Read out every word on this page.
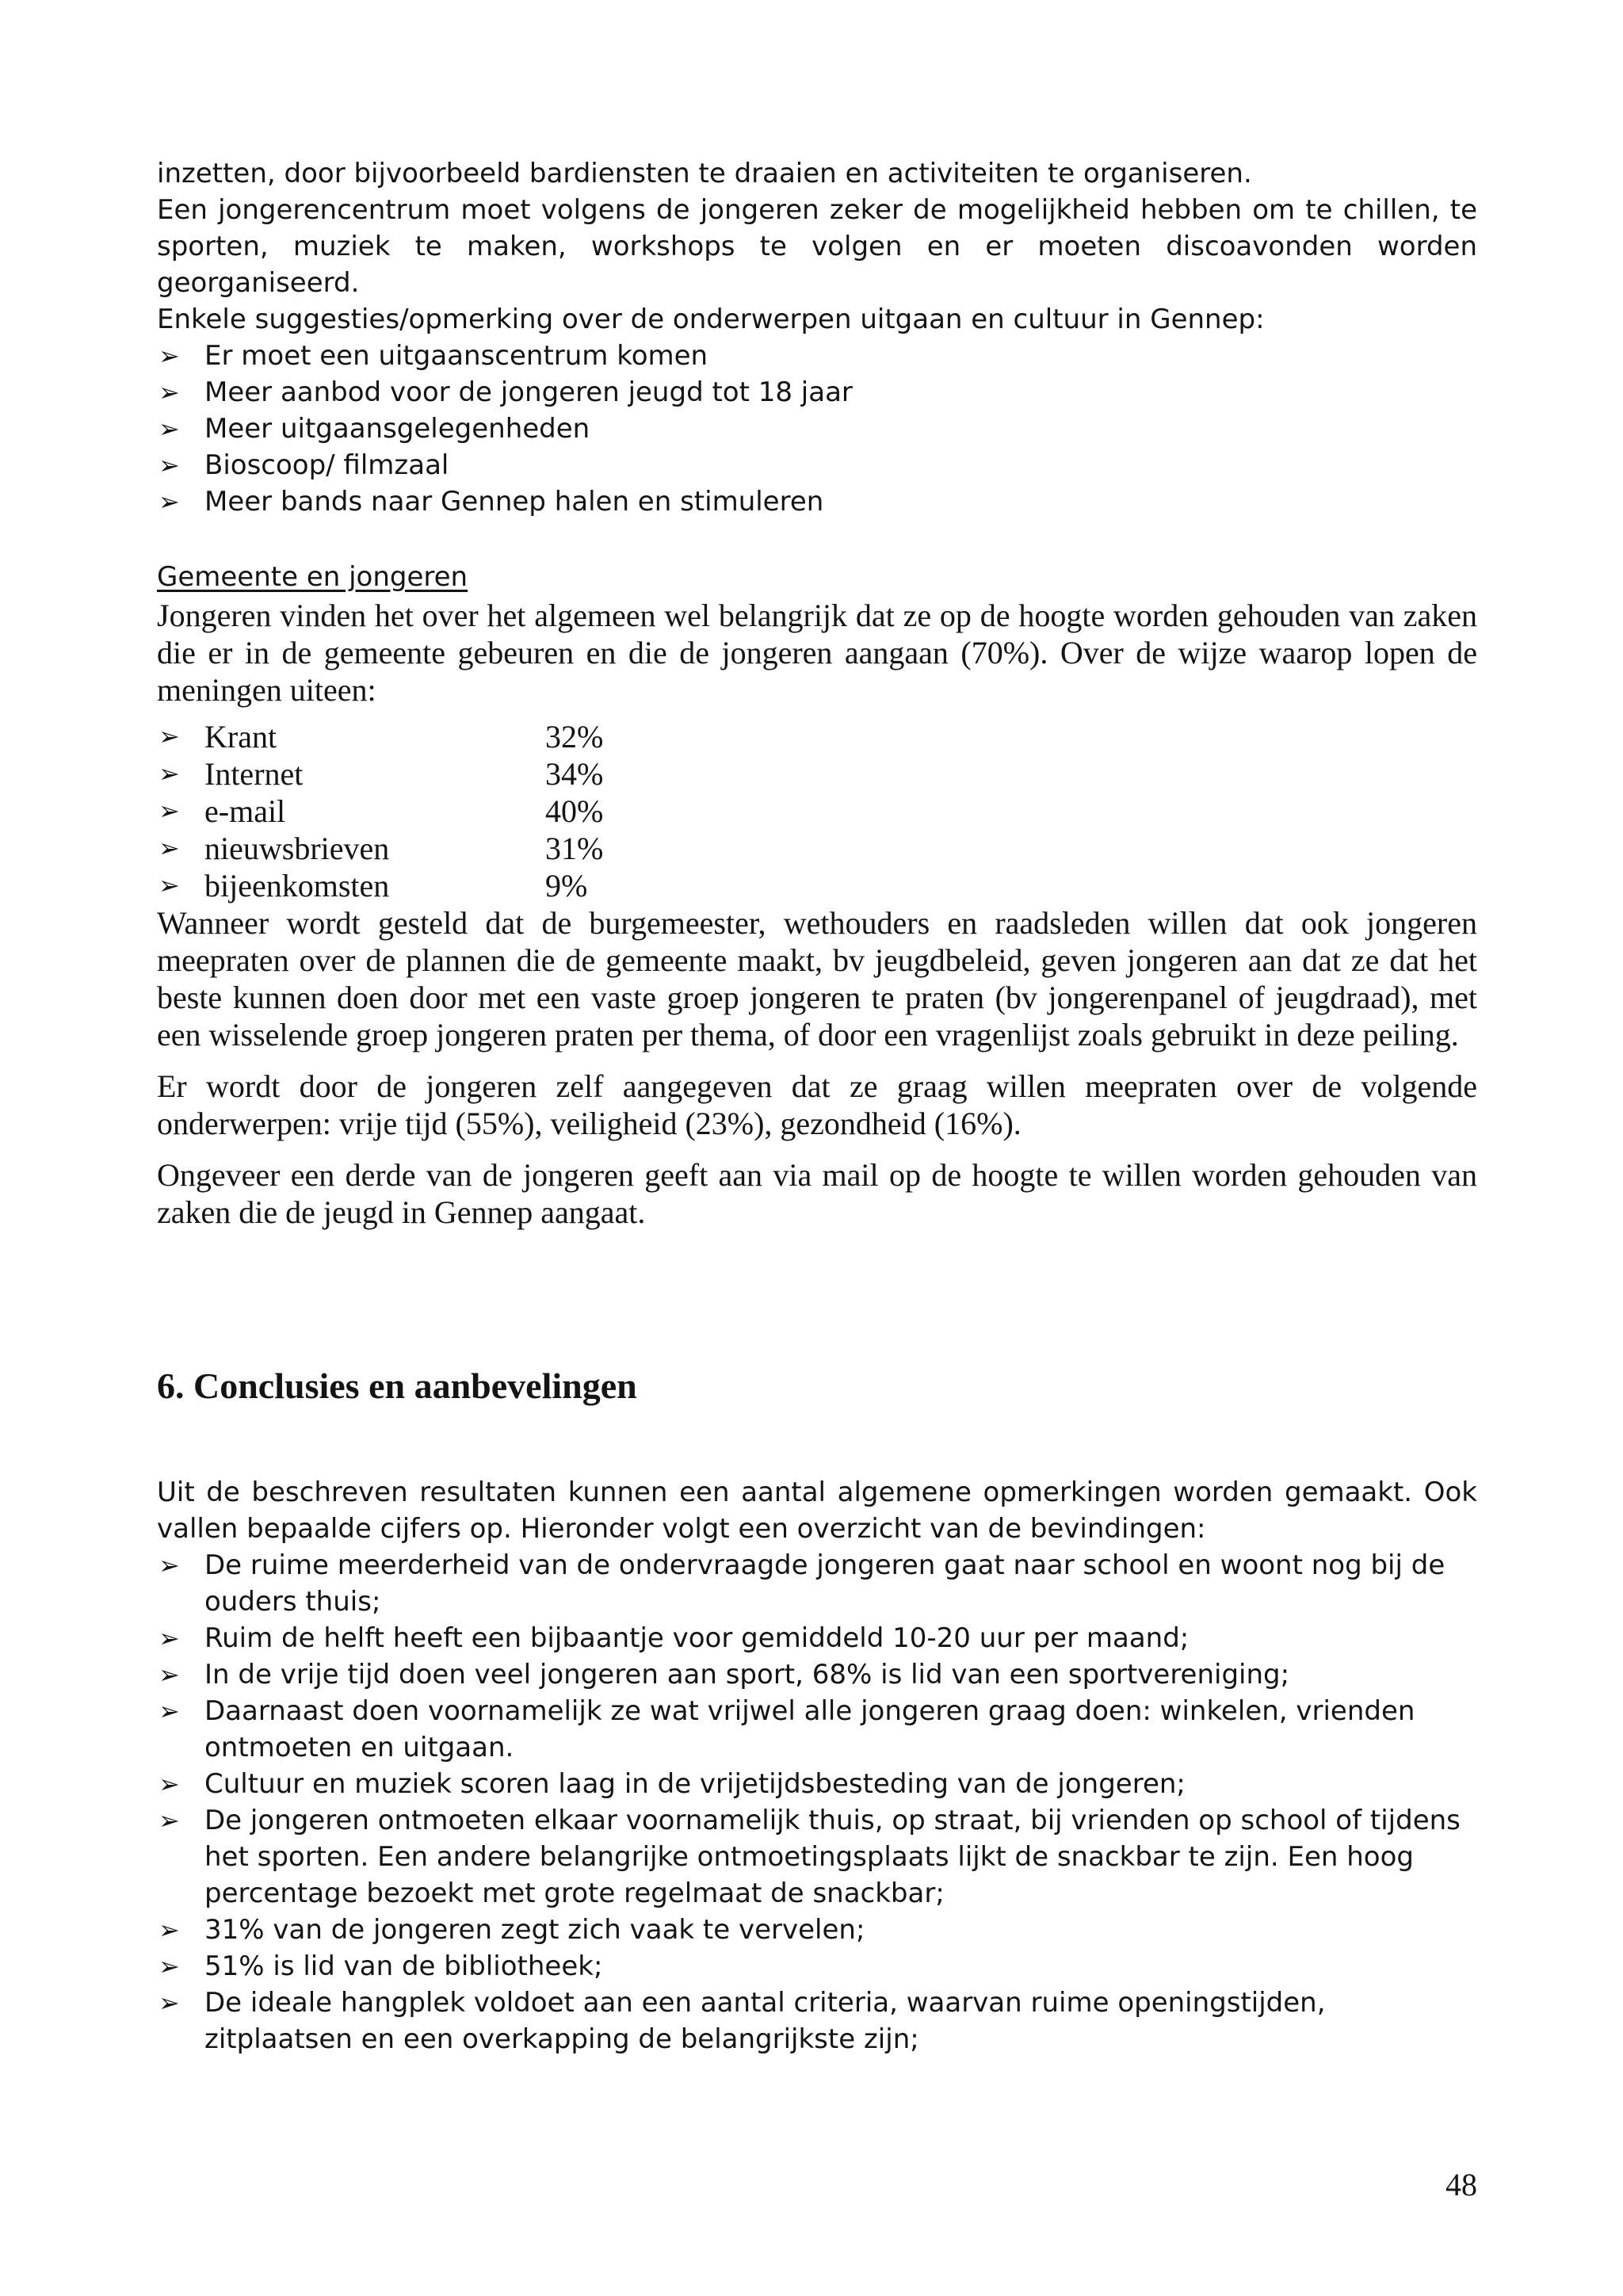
inzetten, door bijvoorbeeld bardiensten te draaien en activiteiten te organiseren.

Een jongerencentrum moet volgens de jongeren zeker de mogelijkheid hebben om te chillen, te sporten, muziek te maken, workshops te volgen en er moeten discoavonden worden georganiseerd.

Enkele suggesties/opmerking over de onderwerpen uitgaan en cultuur in Gennep:

➢ Er moet een uitgaanscentrum komen
➢ Meer aanbod voor de jongeren jeugd tot 18 jaar
➢ Meer uitgaansgelegenheden
➢ Bioscoop/ filmzaal
➢ Meer bands naar Gennep halen en stimuleren

Gemeente en jongeren

Jongeren vinden het over het algemeen wel belangrijk dat ze op de hoogte worden gehouden van zaken die er in de gemeente gebeuren en die de jongeren aangaan (70%). Over de wijze waarop lopen de meningen uiteen:

➢ Krant	32%
➢ Internet	34%
➢ e-mail	40%
➢ nieuwsbrieven	31%
➢ bijeenkomsten	9%

Wanneer wordt gesteld dat de burgemeester, wethouders en raadsleden willen dat ook jongeren meepraten over de plannen die de gemeente maakt, bv jeugdbeleid, geven jongeren aan dat ze dat het beste kunnen doen door met een vaste groep jongeren te praten (bv jongerenpanel of jeugdraad), met een wisselende groep jongeren praten per thema, of door een vragenlijst zoals gebruikt in deze peiling.

Er wordt door de jongeren zelf aangegeven dat ze graag willen meepraten over de volgende onderwerpen: vrije tijd (55%), veiligheid (23%), gezondheid (16%).

Ongeveer een derde van de jongeren geeft aan via mail op de hoogte te willen worden gehouden van zaken die de jeugd in Gennep aangaat.

6. Conclusies en aanbevelingen

Uit de beschreven resultaten kunnen een aantal algemene opmerkingen worden gemaakt. Ook vallen bepaalde cijfers op. Hieronder volgt een overzicht van de bevindingen:

➢ De ruime meerderheid van de ondervraagde jongeren gaat naar school en woont nog bij de ouders thuis;
➢ Ruim de helft heeft een bijbaantje voor gemiddeld 10-20 uur per maand;
➢ In de vrije tijd doen veel jongeren aan sport, 68% is lid van een sportvereniging;
➢ Daarnaast doen voornamelijk ze wat vrijwel alle jongeren graag doen: winkelen, vrienden ontmoeten en uitgaan.
➢ Cultuur en muziek scoren laag in de vrijetijdsbesteding van de jongeren;
➢ De jongeren ontmoeten elkaar voornamelijk thuis, op straat, bij vrienden op school of tijdens het sporten. Een andere belangrijke ontmoetingsplaats lijkt de snackbar te zijn. Een hoog percentage bezoekt met grote regelmaat de snackbar;
➢ 31% van de jongeren zegt zich vaak te vervelen;
➢ 51% is lid van de bibliotheek;
➢ De ideale hangplek voldoet aan een aantal criteria, waarvan ruime openingstijden, zitplaatsen en een overkapping de belangrijkste zijn;
48
